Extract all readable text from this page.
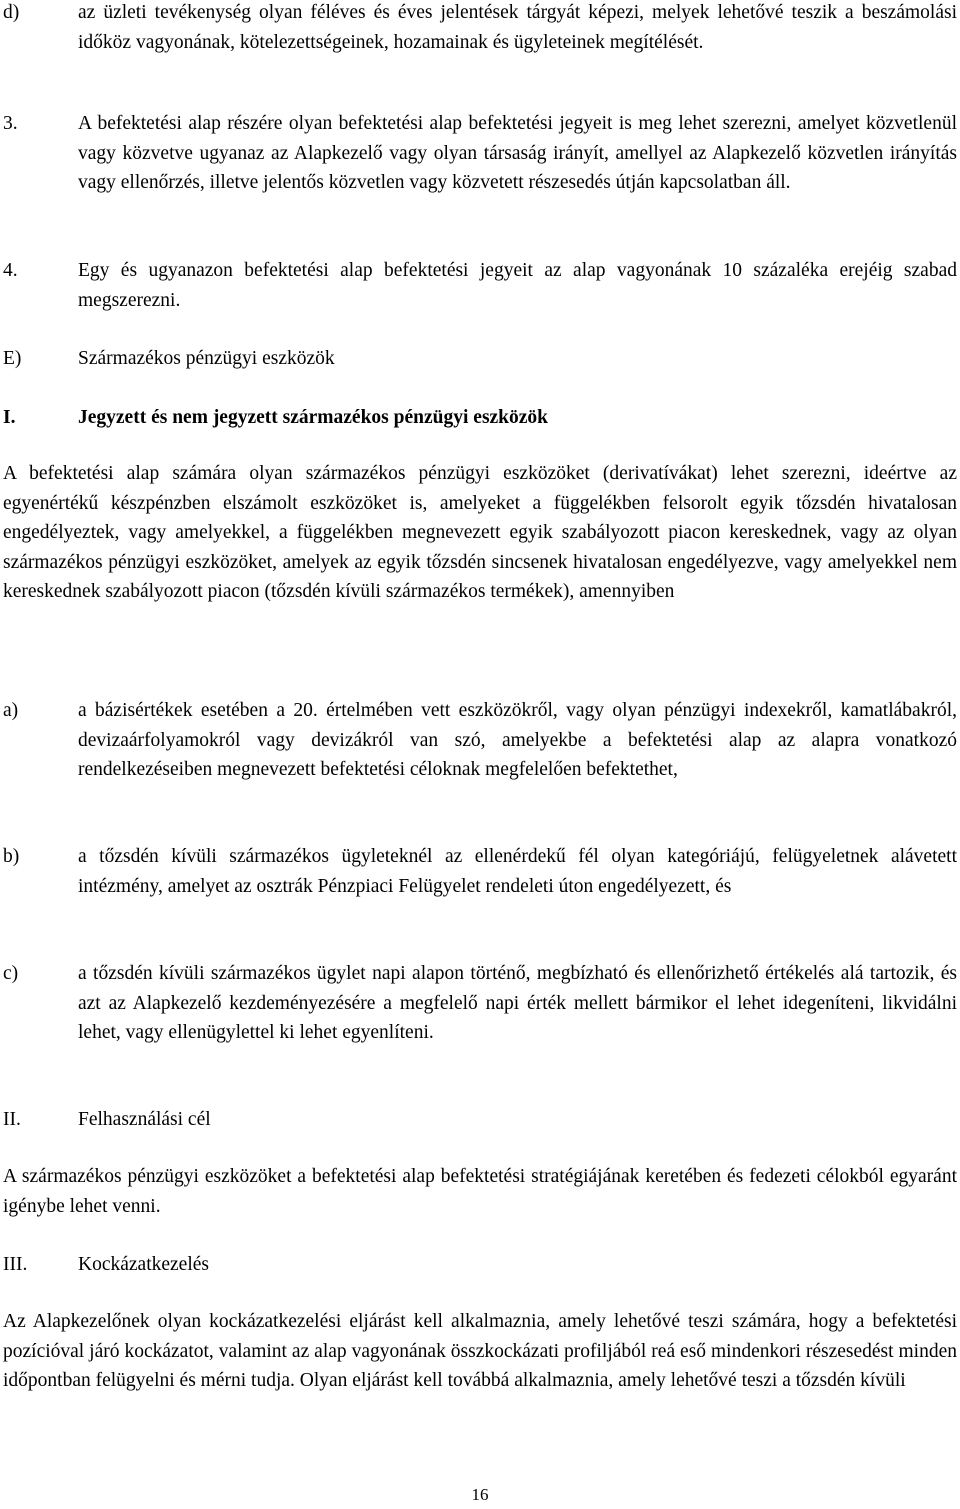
d)	az üzleti tevékenység olyan féléves és éves jelentések tárgyát képezi, melyek lehetővé teszik a beszámolási időköz vagyonának, kötelezettségeinek, hozamainak és ügyleteinek megítélését.
3.	A befektetési alap részére olyan befektetési alap befektetési jegyeit is meg lehet szerezni, amelyet közvetlenül vagy közvetve ugyanaz az Alapkezelő vagy olyan társaság irányít, amellyel az Alapkezelő közvetlen irányítás vagy ellenőrzés, illetve jelentős közvetlen vagy közvetett részesedés útján kapcsolatban áll.
4.	Egy és ugyanazon befektetési alap befektetési jegyeit az alap vagyonának 10 százaléka erejéig szabad megszerezni.
E)	Származékos pénzügyi eszközök
I.	Jegyzett és nem jegyzett származékos pénzügyi eszközök
A befektetési alap számára olyan származékos pénzügyi eszközöket (derivatívákat) lehet szerezni, ideértve az egyenértékű készpénzben elszámolt eszközöket is, amelyeket a függelékben felsorolt egyik tőzsdén hivatalosan engedélyeztek, vagy amelyekkel, a függelékben megnevezett egyik szabályozott piacon kereskednek, vagy az olyan származékos pénzügyi eszközöket, amelyek az egyik tőzsdén sincsenek hivatalosan engedélyezve, vagy amelyekkel nem kereskednek szabályozott piacon (tőzsdén kívüli származékos termékek), amennyiben
a)	a bázisértékek esetében a 20. értelmében vett eszközökről, vagy olyan pénzügyi indexekről, kamatlábakról, devizaárfolyamokról vagy devizákról van szó, amelyekbe a befektetési alap az alapra vonatkozó rendelkezéseiben megnevezett befektetési céloknak megfelelően befektethet,
b)	a tőzsdén kívüli származékos ügyleteknél az ellenérdekű fél olyan kategóriájú, felügyeletnek alávetett intézmény, amelyet az osztrák Pénzpiaci Felügyelet rendeleti úton engedélyezett, és
c)	a tőzsdén kívüli származékos ügylet napi alapon történő, megbízható és ellenőrizhető értékelés alá tartozik, és azt az Alapkezelő kezdeményezésére a megfelelő napi érték mellett bármikor el lehet idegeníteni, likvidálni lehet, vagy ellenügylettel ki lehet egyenlíteni.
II.	Felhasználási cél
A származékos pénzügyi eszközöket a befektetési alap befektetési stratégiájának keretében és fedezeti célokból egyaránt igénybe lehet venni.
III.	Kockázatkezelés
Az Alapkezelőnek olyan kockázatkezelési eljárást kell alkalmaznia, amely lehetővé teszi számára, hogy a befektetési pozícióval járó kockázatot, valamint az alap vagyonának összkockázati profiljából reá eső mindenkori részesedést minden időpontban felügyelni és mérni tudja. Olyan eljárást kell továbbá alkalmaznia, amely lehetővé teszi a tőzsdén kívüli
16
